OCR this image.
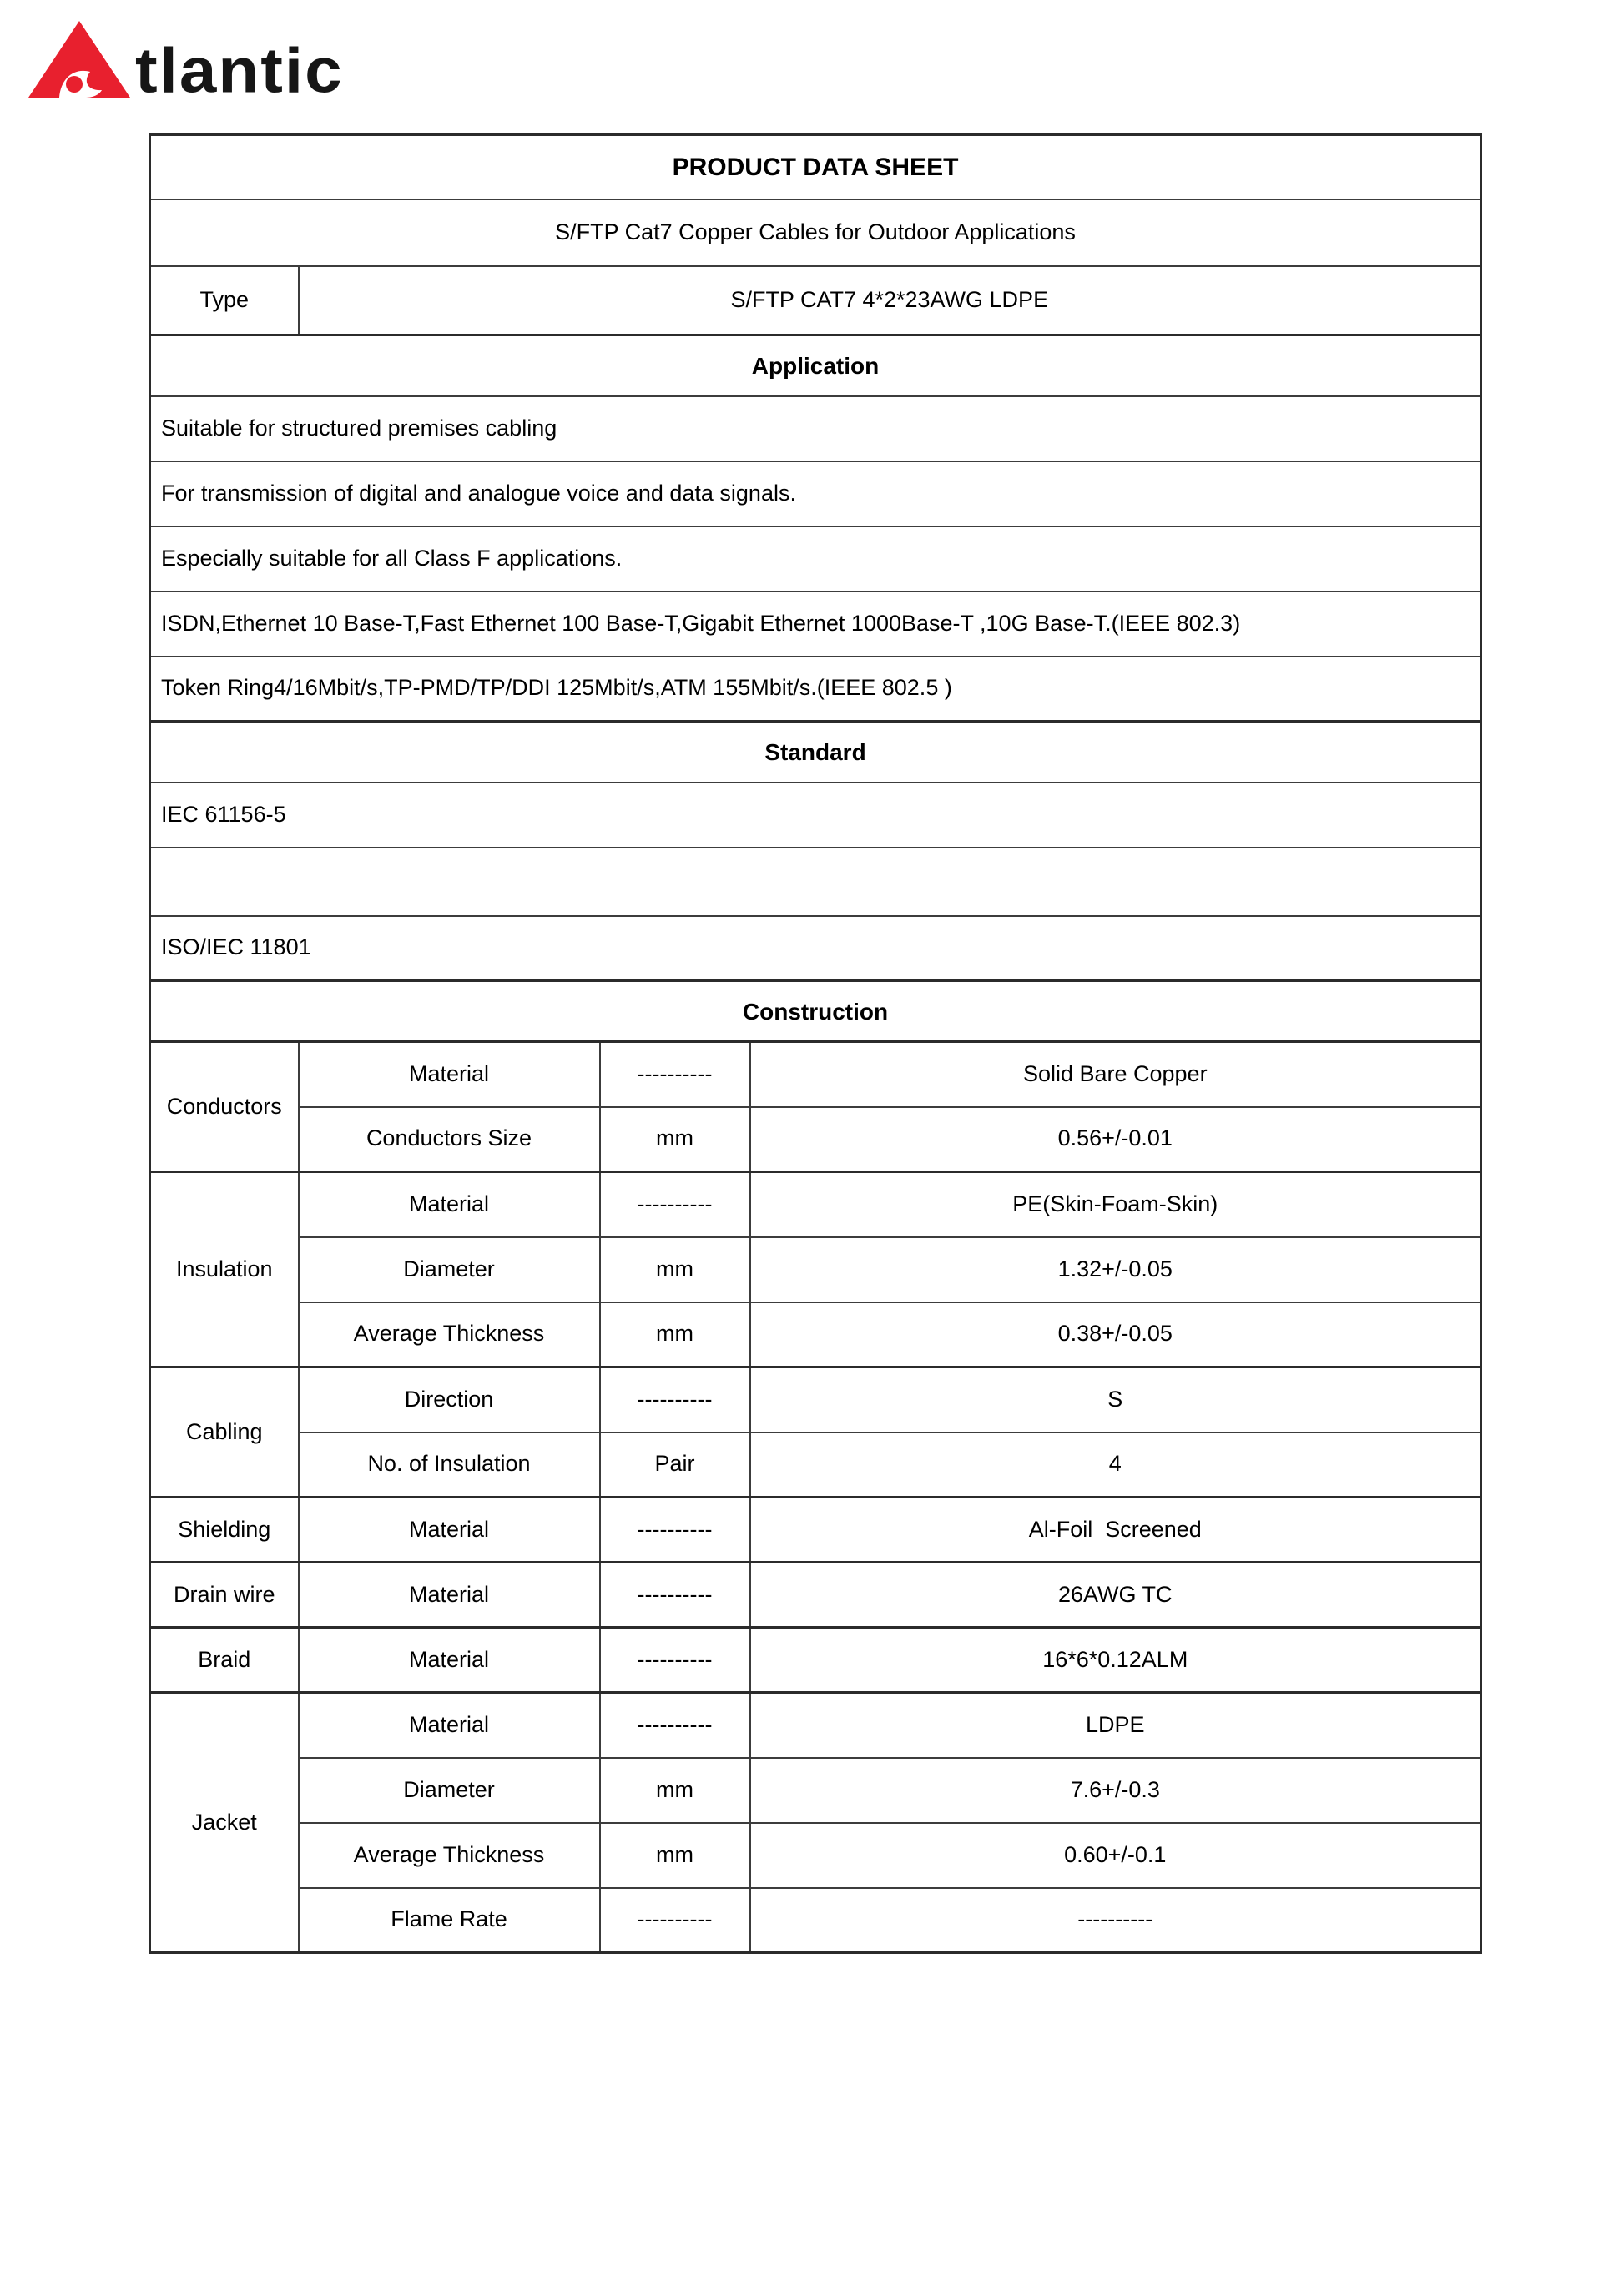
tlantic
PRODUCT DATA SHEET			
S/FTP Cat7 Copper Cables for Outdoor Applications			
Type	S/FTP CAT7 4*2*23AWG LDPE		
Application			
Suitable for structured premises cabling			
For transmission of digital and analogue voice and data signals.			
Especially suitable for all Class F applications.			
ISDN,Ethernet 10 Base-T,Fast Ethernet 100 Base-T,Gigabit Ethernet 1000Base-T ,10G Base-T.(IEEE 802.3)			
Token Ring4/16Mbit/s,TP-PMD/TP/DDI 125Mbit/s,ATM 155Mbit/s.(IEEE 802.5 )			
Standard			
IEC 61156-5			

ISO/IEC 11801			
Construction			
Conductors	Material	----------	Solid Bare Copper
	Conductors Size	mm	0.56+/-0.01
Insulation	Material	----------	PE(Skin-Foam-Skin)
	Diameter	mm	1.32+/-0.05
	Average Thickness	mm	0.38+/-0.05
Cabling	Direction	----------	S
	No. of Insulation	Pair	4
Shielding	Material	----------	Al-Foil  Screened
Drain wire	Material	----------	26AWG TC
Braid	Material	----------	16*6*0.12ALM
Jacket	Material	----------	LDPE
	Diameter	mm	7.6+/-0.3
	Average Thickness	mm	0.60+/-0.1
	Flame Rate	----------	----------
